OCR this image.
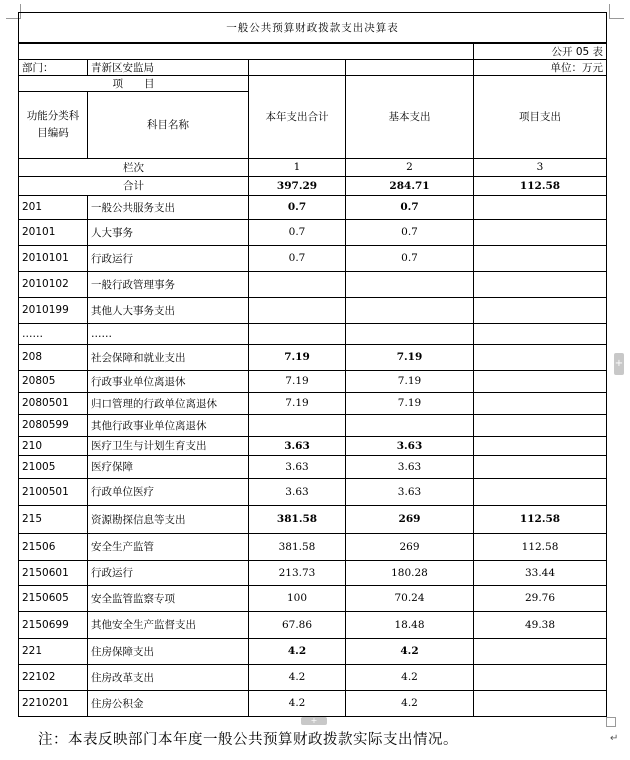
一般公共预算财政拨款支出决算表				
				公开 05 表
部门：	青新区安监局			单位：万元
项　　目		本年支出合计	基本支出	项目支出
功能分类科目编码	科目名称			

栏次		1	2	3
合计		397.29	284.71	112.58
201	一般公共服务支出	0.7	0.7	
20101	人大事务	0.7	0.7	
2010101	行政运行	0.7	0.7	
2010102	一般行政管理事务			
2010199	其他人大事务支出			
……	……			
208	社会保障和就业支出	7.19	7.19	
20805	行政事业单位离退休	7.19	7.19	
2080501	归口管理的行政单位离退休	7.19	7.19	
2080599	其他行政事业单位离退休			
210	医疗卫生与计划生育支出	3.63	3.63	
21005	医疗保障	3.63	3.63	
2100501	行政单位医疗	3.63	3.63	
215	资源勘探信息等支出	381.58	269	112.58
21506	安全生产监管	381.58	269	112.58
2150601	行政运行	213.73	180.28	33.44
2150605	安全监管监察专项	100	70.24	29.76
2150699	其他安全生产监督支出	67.86	18.48	49.38
221	住房保障支出	4.2	4.2	
22102	住房改革支出	4.2	4.2	
2210201	住房公积金	4.2	4.2	
+
+
↵
注：本表反映部门本年度一般公共预算财政拨款实际支出情况。
